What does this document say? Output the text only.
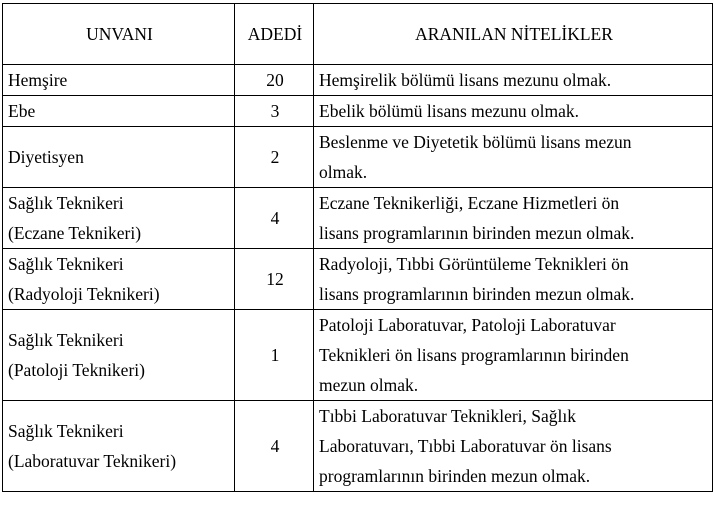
UNVANI	ADEDİ	ARANILAN NİTELİKLER

Hemşire	20	Hemşirelik bölümü lisans mezunu olmak.

Ebe	3	Ebelik bölümü lisans mezunu olmak.

Diyetisyen	2	Beslenme ve Diyetetik bölümü lisans mezun
olmak.

Sağlık Teknikeri
(Eczane Teknikeri)	4	Eczane Teknikerliği, Eczane Hizmetleri ön
lisans programlarının birinden mezun olmak.

Sağlık Teknikeri
(Radyoloji Teknikeri)	12	Radyoloji, Tıbbi Görüntüleme Teknikleri ön
lisans programlarının birinden mezun olmak.

Sağlık Teknikeri
(Patoloji Teknikeri)	1	Patoloji Laboratuvar, Patoloji Laboratuvar
Teknikleri ön lisans programlarının birinden
mezun olmak.

Sağlık Teknikeri
(Laboratuvar Teknikeri)	4	Tıbbi Laboratuvar Teknikleri, Sağlık
Laboratuvarı, Tıbbi Laboratuvar ön lisans
programlarının birinden mezun olmak.
